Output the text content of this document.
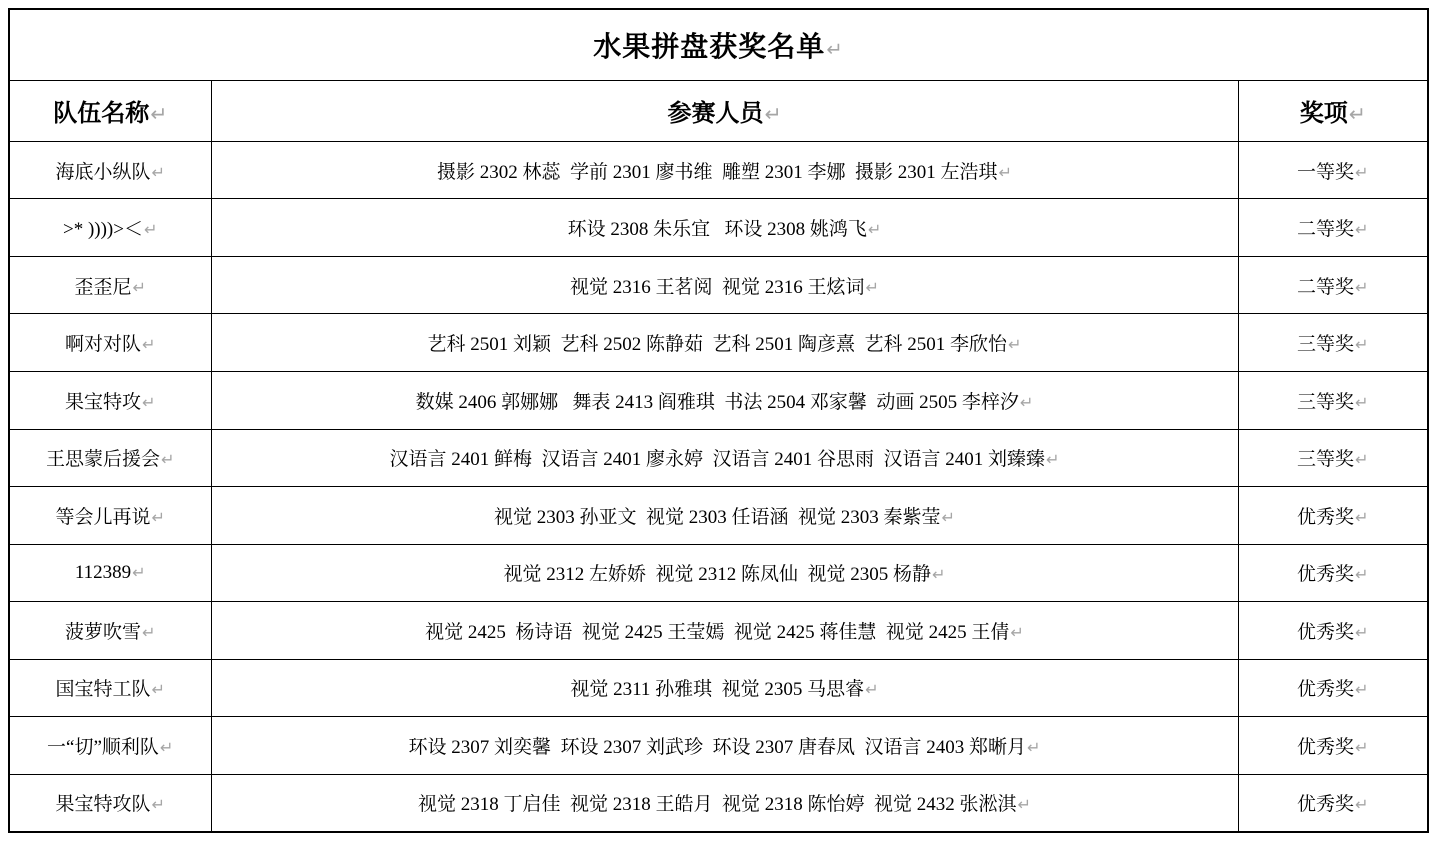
水果拼盘获奖名单↵		
队伍名称↵	参赛人员↵	奖项↵
海底小纵队↵	摄影 2302 林蕊  学前 2301 廖书维  雕塑 2301 李娜  摄影 2301 左浩琪↵	一等奖↵
>* ))))>＜↵	环设 2308 朱乐宜   环设 2308 姚鸿飞↵	二等奖↵
歪歪尼↵	视觉 2316 王茗阅  视觉 2316 王炫词↵	二等奖↵
啊对对队↵	艺科 2501 刘颖  艺科 2502 陈静茹  艺科 2501 陶彦熹  艺科 2501 李欣怡↵	三等奖↵
果宝特攻↵	数媒 2406 郭娜娜   舞表 2413 阎雅琪  书法 2504 邓家馨  动画 2505 李梓汐↵	三等奖↵
王思蒙后援会↵	汉语言 2401 鲜梅  汉语言 2401 廖永婷  汉语言 2401 谷思雨  汉语言 2401 刘臻臻↵	三等奖↵
等会儿再说↵	视觉 2303 孙亚文  视觉 2303 任语涵  视觉 2303 秦紫莹↵	优秀奖↵
112389↵	视觉 2312 左娇娇  视觉 2312 陈凤仙  视觉 2305 杨静↵	优秀奖↵
菠萝吹雪↵	视觉 2425  杨诗语  视觉 2425 王莹嫣  视觉 2425 蒋佳慧  视觉 2425 王倩↵	优秀奖↵
国宝特工队↵	视觉 2311 孙雅琪  视觉 2305 马思睿↵	优秀奖↵
一“切”顺利队↵	环设 2307 刘奕馨  环设 2307 刘武珍  环设 2307 唐春凤  汉语言 2403 郑晰月↵	优秀奖↵
果宝特攻队↵	视觉 2318 丁启佳  视觉 2318 王皓月  视觉 2318 陈怡婷  视觉 2432 张淞淇↵	优秀奖↵
